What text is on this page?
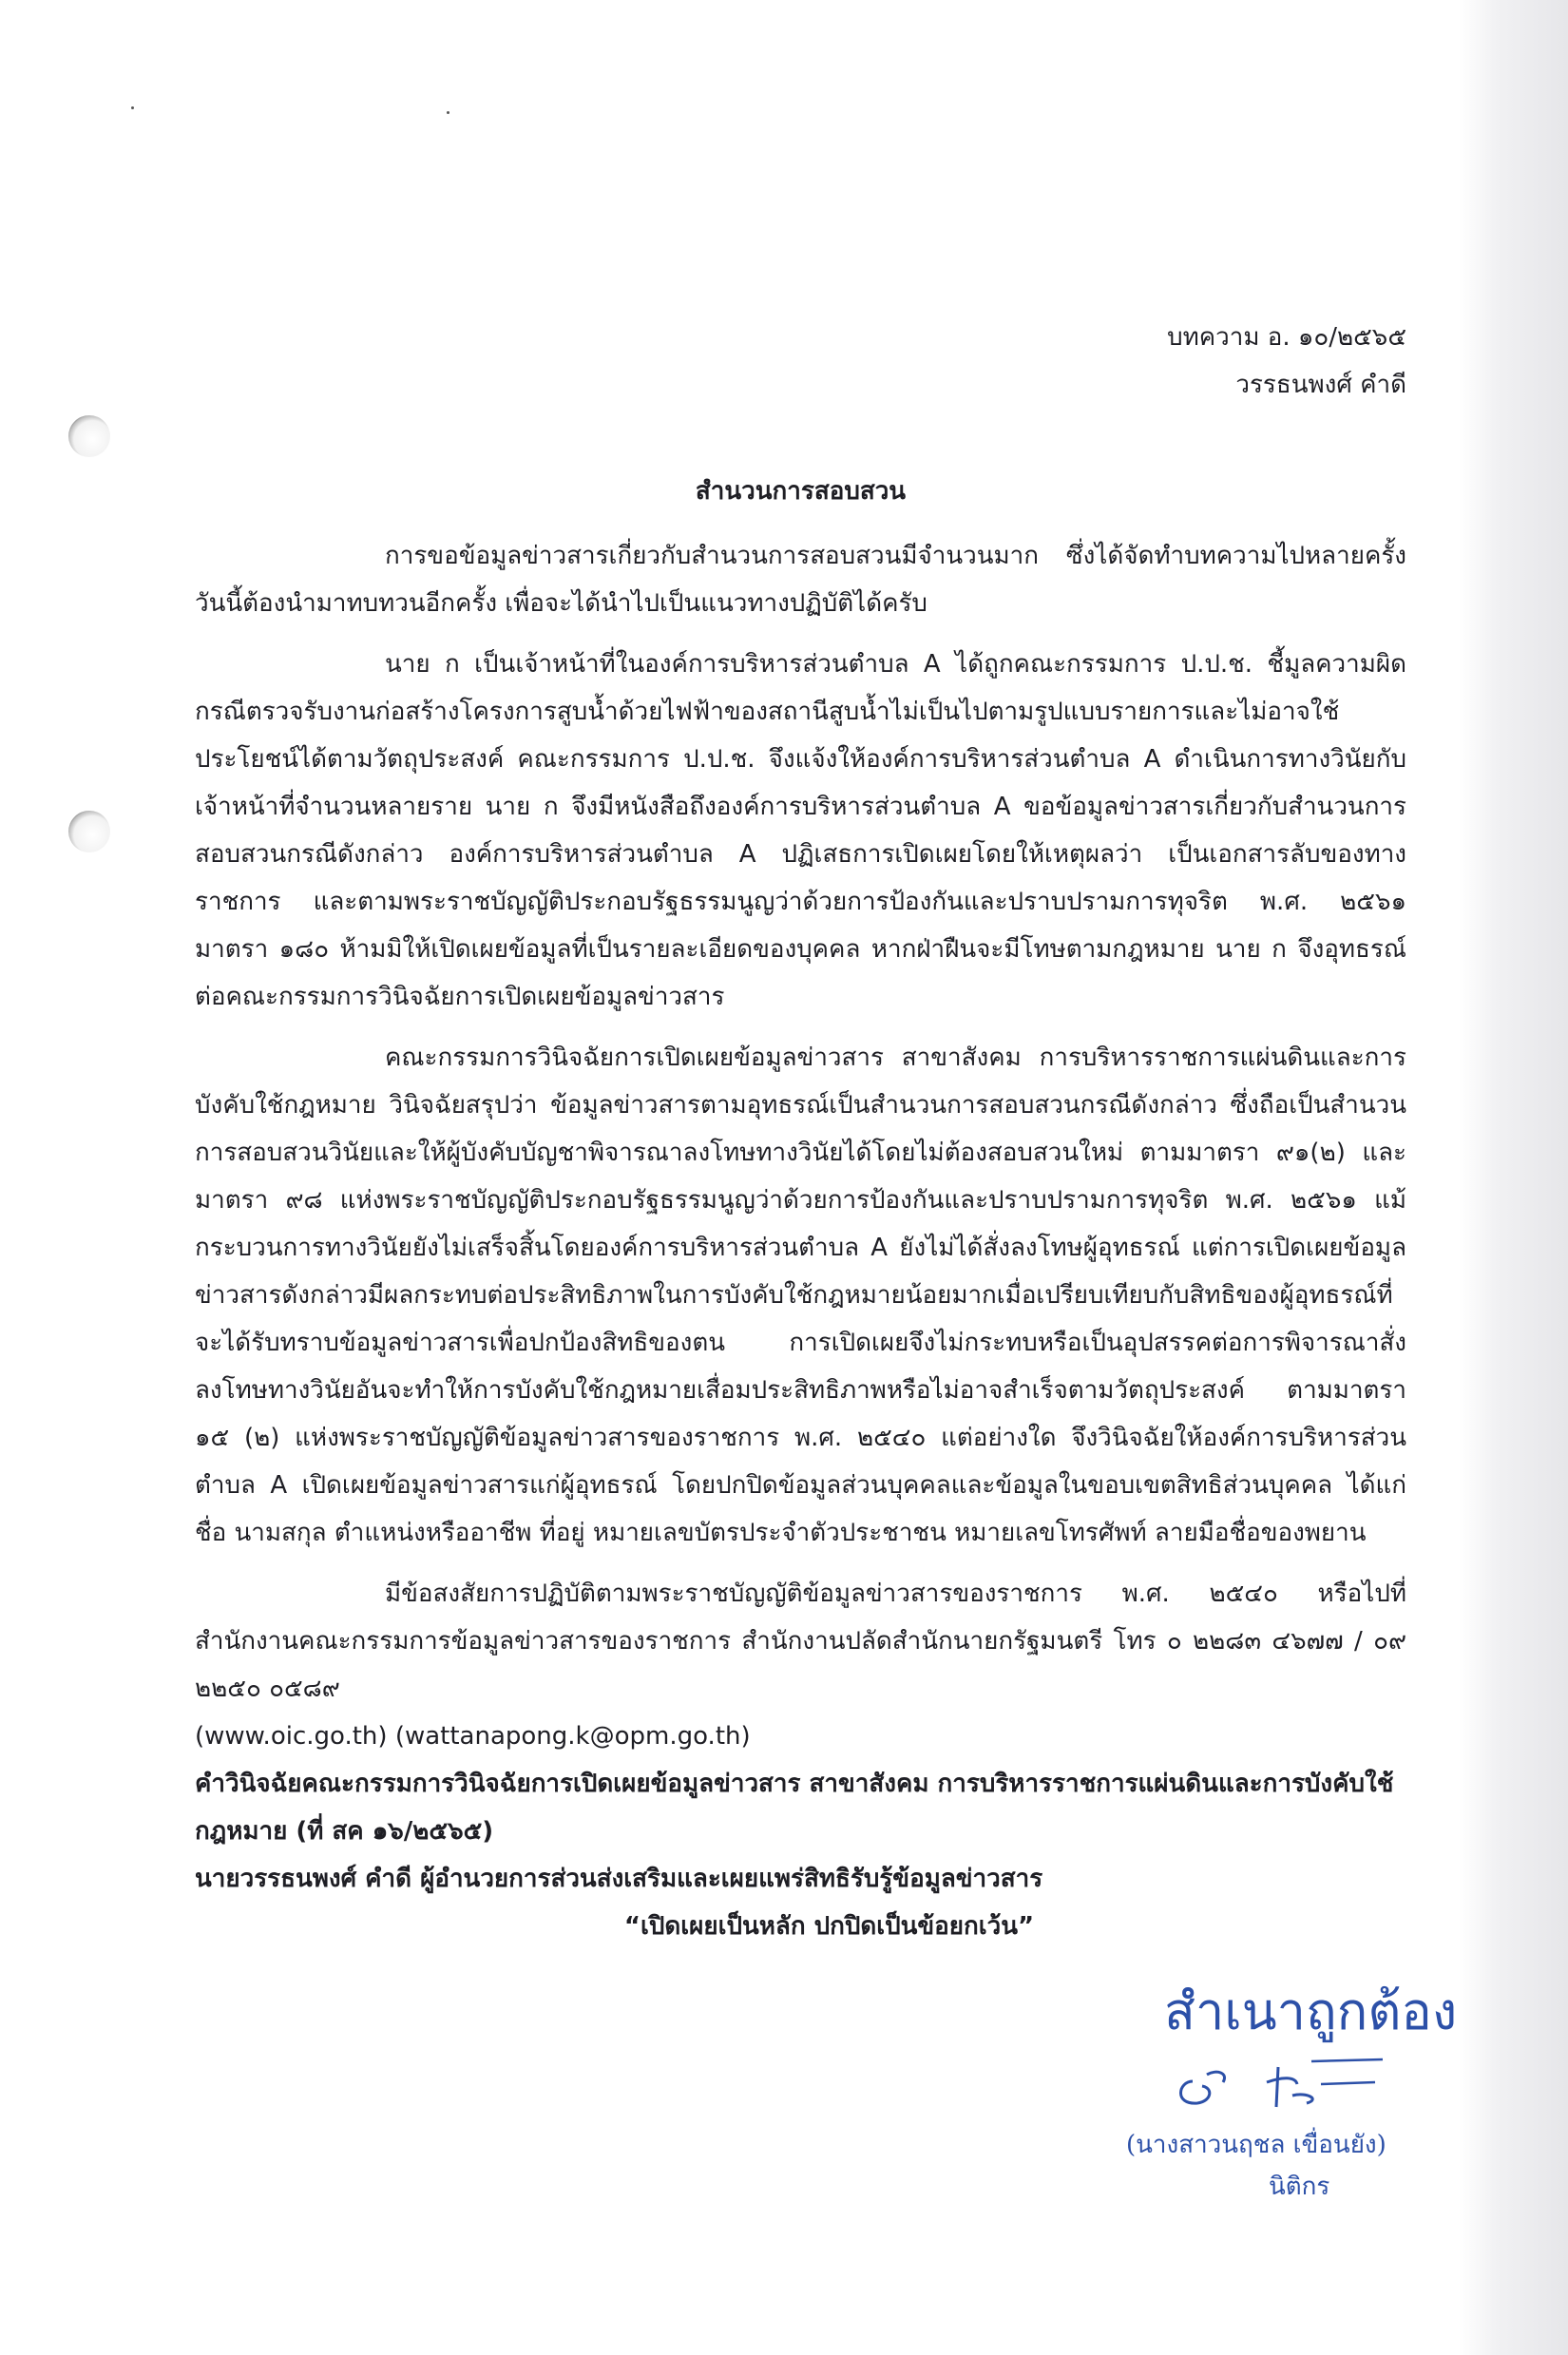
บทความ อ. ๑๐/๒๕๖๕
วรรธนพงศ์ คำดี
สำนวนการสอบสวน

การขอข้อมูลข่าวสารเกี่ยวกับสำนวนการสอบสวนมีจำนวนมาก ซึ่งได้จัดทำบทความไปหลายครั้ง วันนี้ต้องนำมาทบทวนอีกครั้ง เพื่อจะได้นำไปเป็นแนวทางปฏิบัติได้ครับ

นาย ก เป็นเจ้าหน้าที่ในองค์การบริหารส่วนตำบล A ได้ถูกคณะกรรมการ ป.ป.ช. ชี้มูลความผิด กรณีตรวจรับงานก่อสร้างโครงการสูบน้ำด้วยไฟฟ้าของสถานีสูบน้ำไม่เป็นไปตามรูปแบบรายการและไม่อาจใช้ประโยชน์ได้ตามวัตถุประสงค์ คณะกรรมการ ป.ป.ช. จึงแจ้งให้องค์การบริหารส่วนตำบล A ดำเนินการทางวินัยกับเจ้าหน้าที่จำนวนหลายราย นาย ก จึงมีหนังสือถึงองค์การบริหารส่วนตำบล A ขอข้อมูลข่าวสารเกี่ยวกับสำนวนการสอบสวนกรณีดังกล่าว องค์การบริหารส่วนตำบล A ปฏิเสธการเปิดเผยโดยให้เหตุผลว่า เป็นเอกสารลับของทางราชการ และตามพระราชบัญญัติประกอบรัฐธรรมนูญว่าด้วยการป้องกันและปราบปรามการทุจริต พ.ศ. ๒๕๖๑ มาตรา ๑๘๐ ห้ามมิให้เปิดเผยข้อมูลที่เป็นรายละเอียดของบุคคล หากฝ่าฝืนจะมีโทษตามกฎหมาย นาย ก จึงอุทธรณ์ต่อคณะกรรมการวินิจฉัยการเปิดเผยข้อมูลข่าวสาร

คณะกรรมการวินิจฉัยการเปิดเผยข้อมูลข่าวสาร สาขาสังคม การบริหารราชการแผ่นดินและการบังคับใช้กฎหมาย วินิจฉัยสรุปว่า ข้อมูลข่าวสารตามอุทธรณ์เป็นสำนวนการสอบสวนกรณีดังกล่าว ซึ่งถือเป็นสำนวนการสอบสวนวินัยและให้ผู้บังคับบัญชาพิจารณาลงโทษทางวินัยได้โดยไม่ต้องสอบสวนใหม่ ตามมาตรา ๙๑(๒) และมาตรา ๙๘ แห่งพระราชบัญญัติประกอบรัฐธรรมนูญว่าด้วยการป้องกันและปราบปรามการทุจริต พ.ศ. ๒๕๖๑ แม้กระบวนการทางวินัยยังไม่เสร็จสิ้นโดยองค์การบริหารส่วนตำบล A ยังไม่ได้สั่งลงโทษผู้อุทธรณ์ แต่การเปิดเผยข้อมูลข่าวสารดังกล่าวมีผลกระทบต่อประสิทธิภาพในการบังคับใช้กฎหมายน้อยมากเมื่อเปรียบเทียบกับสิทธิของผู้อุทธรณ์ที่จะได้รับทราบข้อมูลข่าวสารเพื่อปกป้องสิทธิของตน การเปิดเผยจึงไม่กระทบหรือเป็นอุปสรรคต่อการพิจารณาสั่งลงโทษทางวินัยอันจะทำให้การบังคับใช้กฎหมายเสื่อมประสิทธิภาพหรือไม่อาจสำเร็จตามวัตถุประสงค์ ตามมาตรา ๑๕ (๒) แห่งพระราชบัญญัติข้อมูลข่าวสารของราชการ พ.ศ. ๒๕๔๐ แต่อย่างใด จึงวินิจฉัยให้องค์การบริหารส่วนตำบล A เปิดเผยข้อมูลข่าวสารแก่ผู้อุทธรณ์ โดยปกปิดข้อมูลส่วนบุคคลและข้อมูลในขอบเขตสิทธิส่วนบุคคล ได้แก่ ชื่อ นามสกุล ตำแหน่งหรืออาชีพ ที่อยู่ หมายเลขบัตรประจำตัวประชาชน หมายเลขโทรศัพท์ ลายมือชื่อของพยาน

มีข้อสงสัยการปฏิบัติตามพระราชบัญญัติข้อมูลข่าวสารของราชการ พ.ศ. ๒๕๔๐ หรือไปที่สำนักงานคณะกรรมการข้อมูลข่าวสารของราชการ สำนักงานปลัดสำนักนายกรัฐมนตรี โทร ๐ ๒๒๘๓ ๔๖๗๗ / ๐๙ ๒๒๕๐ ๐๕๘๙

(www.oic.go.th) (wattanapong.k@opm.go.th)

คำวินิจฉัยคณะกรรมการวินิจฉัยการเปิดเผยข้อมูลข่าวสาร สาขาสังคม การบริหารราชการแผ่นดินและการบังคับใช้กฎหมาย (ที่ สค ๑๖/๒๕๖๕)

นายวรรธนพงศ์ คำดี ผู้อำนวยการส่วนส่งเสริมและเผยแพร่สิทธิรับรู้ข้อมูลข่าวสาร

“เปิดเผยเป็นหลัก ปกปิดเป็นข้อยกเว้น”

สำเนาถูกต้อง
(นางสาวนฤชล เขื่อนยัง)
นิติกร
